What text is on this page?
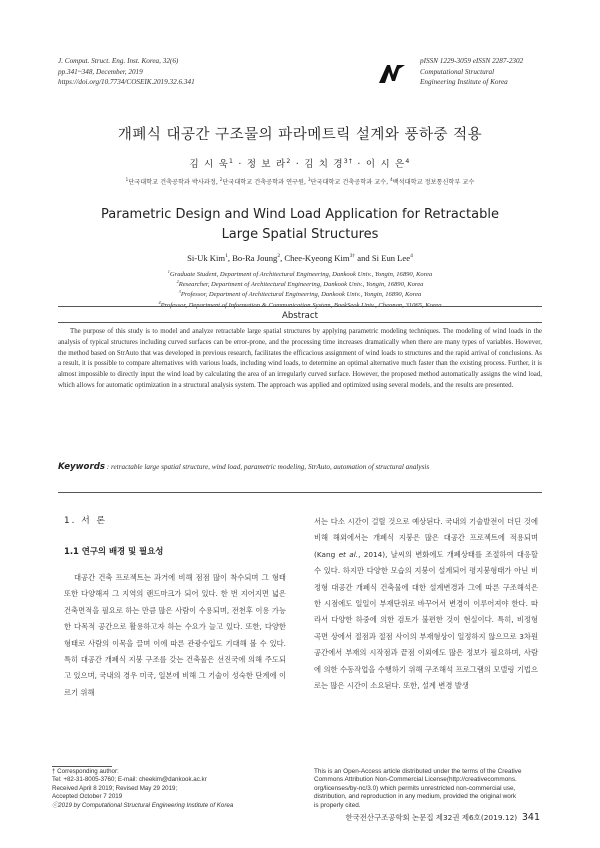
J. Comput. Struct. Eng. Inst. Korea, 32(6)
pp.341~348, December, 2019
https://doi.org/10.7734/COSEIK.2019.32.6.341
pISSN 1229-3059 eISSN 2287-2302
Computational Structural
Engineering Institute of Korea
개폐식 대공간 구조물의 파라메트릭 설계와 풍하중 적용
김 시 욱$^1$ · 정 보 라$^2$ · 김 치 경$^{3\dagger}$ · 이 시 은$^4$
$^1$단국대학교 건축공학과 박사과정, $^2$단국대학교 건축공학과 연구원, $^3$단국대학교 건축공학과 교수, $^4$백석대학교 정보통신학부 교수
Parametric Design and Wind Load Application for Retractable
Large Spatial Structures
Si-Uk Kim$^1$, Bo-Ra Joung$^2$, Chee-Kyeong Kim$^{3\dagger}$ and Si Eun Lee$^4$
$^1$Graduate Student, Department of Architectural Engineering, Dankook Univ., Yongin, 16890, Korea
$^2$Researcher, Department of Architectural Engineering, Dankook Univ., Yongin, 16890, Korea
$^3$Professor, Department of Architectural Engineering, Dankook Univ., Yongin, 16890, Korea
$^4$Professor, Department of Information & Communication System, BaekSeok Univ., Cheonan, 31065, Korea
Abstract
The purpose of this study is to model and analyze retractable large spatial structures by applying parametric modeling techniques. The modeling of wind loads in the analysis of typical structures including curved surfaces can be error-prone, and the processing time increases dramatically when there are many types of variables. However, the method based on StrAuto that was developed in previous research, facilitates the efficacious assignment of wind loads to structures and the rapid arrival of conclusions. As a result, it is possible to compare alternatives with various loads, including wind loads, to determine an optimal alternative much faster than the existing process. Further, it is almost impossible to directly input the wind load by calculating the area of an irregularly curved surface. However, the proposed method automatically assigns the wind load, which allows for automatic optimization in a structural analysis system. The approach was applied and optimized using several models, and the results are presented.
Keywords : retractable large spatial structure, wind load, parametric modeling, StrAuto, automation of structural analysis
1. 서 론
1.1 연구의 배경 및 필요성
대공간 건축 프로젝트는 과거에 비해 점점 많이 착수되며 그 형태 또한 다양해져 그 지역의 랜드마크가 되어 있다. 한 번 지어지면 넓은 건축면적을 필요로 하는 만큼 많은 사람이 수용되며, 전천후 이용 가능한 다목적 공간으로 활용하고자 하는 수요가 늘고 있다. 또한, 다양한 형태로 사람의 이목을 끌며 이에 따른 관광수입도 기대해 볼 수 있다. 특히 대공간 개폐식 지붕 구조를 갖는 건축물은 선진국에 의해 주도되고 있으며, 국내의 경우 미국, 일본에 비해 그 기술이 성숙한 단계에 이르기 위해
서는 다소 시간이 걸릴 것으로 예상된다. 국내의 기술발전이 더딘 것에 비해 해외에서는 개폐식 지붕은 많은 대공간 프로젝트에 적용되며(Kang et al., 2014), 날씨의 변화에도 개폐상태를 조절하여 대응할 수 있다. 하지만 다양한 모습의 지붕이 설계되어 평지붕형태가 아닌 비정형 대공간 개폐식 건축물에 대한 설계변경과 그에 따른 구조해석은 한 시점에도 일일이 부재단위로 바꾸어서 변경이 이루어져야 한다. 따라서 다양한 하중에 의한 검토가 불편한 것이 현실이다. 특히, 비정형 곡면 상에서 절점과 절점 사이의 부재형상이 일정하지 않으므로 3차원 공간에서 부재의 시작점과 끝점 이외에도 많은 정보가 필요하며, 사람에 의한 수동작업을 수행하기 위해 구조해석 프로그램의 모델링 기법으로는 많은 시간이 소요된다. 또한, 설계 변경 발생
† Corresponding author:
Tel: +82-31-8005-3760; E-mail: cheekim@dankook.ac.kr
Received April 8 2019; Revised May 29 2019;
Accepted October 7 2019
ⓒ2019 by Computational Structural Engineering Institute of Korea
This is an Open-Access article distributed under the terms of the Creative
Commons Attribution Non-Commercial License(http://creativecommons.
org/licenses/by-nc/3.0) which permits unrestricted non-commercial use,
distribution, and reproduction in any medium, provided the original work
is properly cited.
한국전산구조공학회 논문집 제32권 제6호(2019.12) 341
